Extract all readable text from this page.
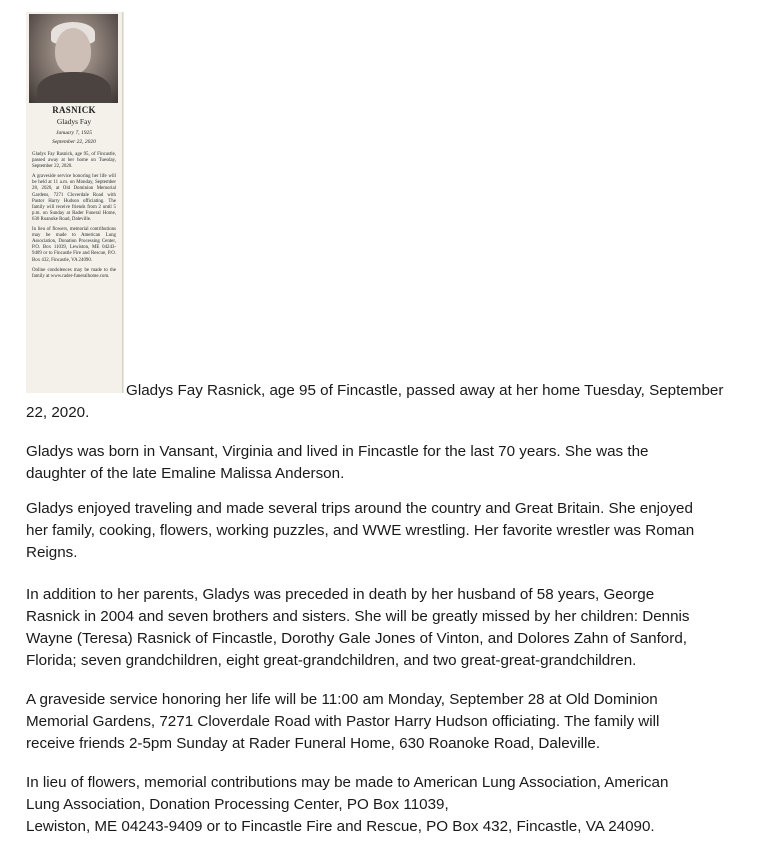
RASNICK
Gladys Fay
January 7, 1925
September 22, 2020

Gladys Fay Rasnick, age 95, of Fincastle, passed away at her home on Tuesday, September 22, 2020.

A graveside service honoring her life will be held at 11 a.m. on Monday, September 28, 2020, at Old Dominion Memorial Gardens, 7271 Cloverdale Road with Pastor Harry Hudson officiating. The family will receive friends from 2 until 5 p.m. on Sunday at Rader Funeral Home, 630 Roanoke Road, Daleville.

In lieu of flowers, memorial contributions may be made to American Lung Association, Donation Processing Center, P.O. Box 11039, Lewiston, ME 04243-9409 or to Fincastle Fire and Rescue, P.O. Box 432, Fincastle, VA 24090.

Online condolences may be made to the family at www.rader-funeralhome.com.

Gladys Fay Rasnick, age 95 of Fincastle, passed away at her home Tuesday, September 22, 2020.

Gladys was born in Vansant, Virginia and lived in Fincastle for the last 70 years. She was the
daughter of the late Emaline Malissa Anderson.

Gladys enjoyed traveling and made several trips around the country and Great Britain. She enjoyed
her family, cooking, flowers, working puzzles, and WWE wrestling. Her favorite wrestler was Roman
Reigns.

In addition to her parents, Gladys was preceded in death by her husband of 58 years, George
Rasnick in 2004 and seven brothers and sisters. She will be greatly missed by her children: Dennis
Wayne (Teresa) Rasnick of Fincastle, Dorothy Gale Jones of Vinton, and Dolores Zahn of Sanford,
Florida; seven grandchildren, eight great-grandchildren, and two great-great-grandchildren.

A graveside service honoring her life will be 11:00 am Monday, September 28 at Old Dominion
Memorial Gardens, 7271 Cloverdale Road with Pastor Harry Hudson officiating. The family will
receive friends 2-5pm Sunday at Rader Funeral Home, 630 Roanoke Road, Daleville.

In lieu of flowers, memorial contributions may be made to American Lung Association, American
Lung Association, Donation Processing Center, PO Box 11039,
Lewiston, ME 04243-9409 or to Fincastle Fire and Rescue, PO Box 432, Fincastle, VA 24090.
